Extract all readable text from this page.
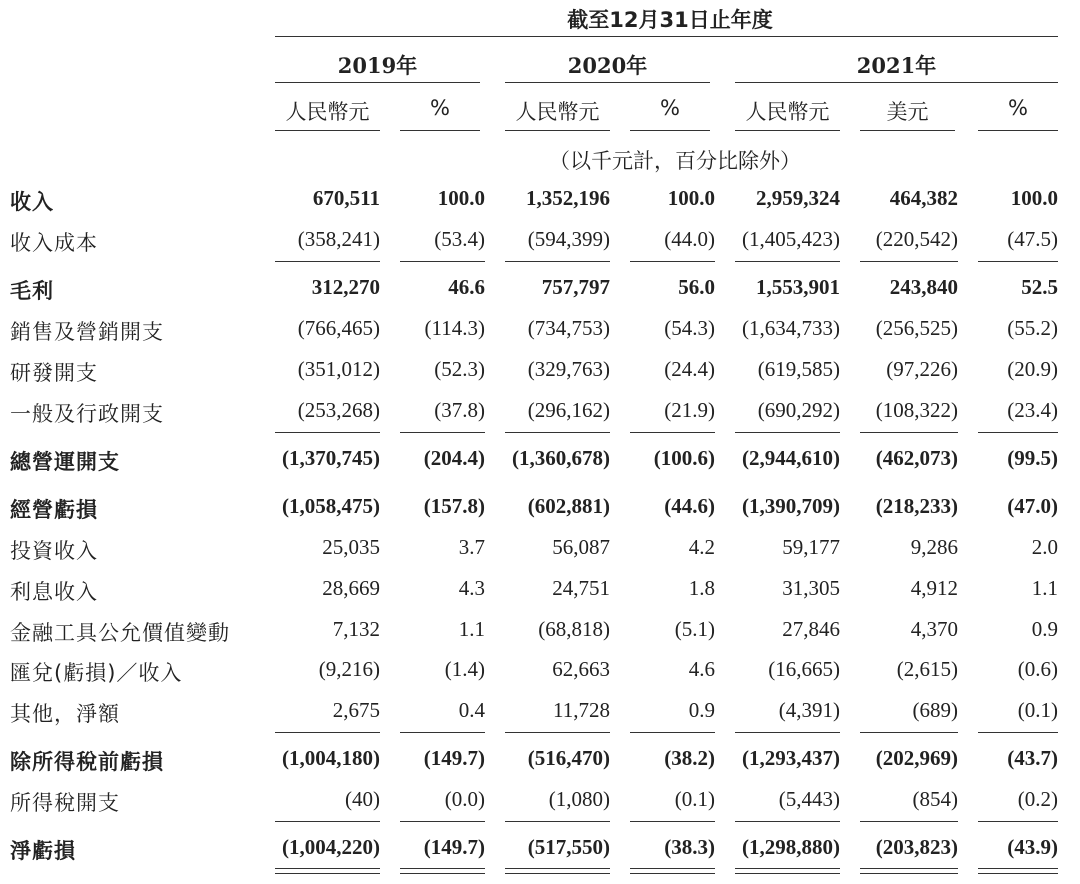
截至12月31日止年度
2019年	2020年	2021年
人民幣元	%	人民幣元	%	人民幣元	美元	%
（以千元計，百分比除外）
收入	670,511	100.0	1,352,196	100.0	2,959,324	464,382	100.0
收入成本	(358,241)	(53.4)	(594,399)	(44.0)	(1,405,423)	(220,542)	(47.5)
毛利	312,270	46.6	757,797	56.0	1,553,901	243,840	52.5
銷售及營銷開支	(766,465)	(114.3)	(734,753)	(54.3)	(1,634,733)	(256,525)	(55.2)
研發開支	(351,012)	(52.3)	(329,763)	(24.4)	(619,585)	(97,226)	(20.9)
一般及行政開支	(253,268)	(37.8)	(296,162)	(21.9)	(690,292)	(108,322)	(23.4)
總營運開支	(1,370,745)	(204.4)	(1,360,678)	(100.6)	(2,944,610)	(462,073)	(99.5)
經營虧損	(1,058,475)	(157.8)	(602,881)	(44.6)	(1,390,709)	(218,233)	(47.0)
投資收入	25,035	3.7	56,087	4.2	59,177	9,286	2.0
利息收入	28,669	4.3	24,751	1.8	31,305	4,912	1.1
金融工具公允價值變動	7,132	1.1	(68,818)	(5.1)	27,846	4,370	0.9
匯兌(虧損)／收入	(9,216)	(1.4)	62,663	4.6	(16,665)	(2,615)	(0.6)
其他，淨額	2,675	0.4	11,728	0.9	(4,391)	(689)	(0.1)
除所得稅前虧損	(1,004,180)	(149.7)	(516,470)	(38.2)	(1,293,437)	(202,969)	(43.7)
所得稅開支	(40)	(0.0)	(1,080)	(0.1)	(5,443)	(854)	(0.2)
淨虧損	(1,004,220)	(149.7)	(517,550)	(38.3)	(1,298,880)	(203,823)	(43.9)
